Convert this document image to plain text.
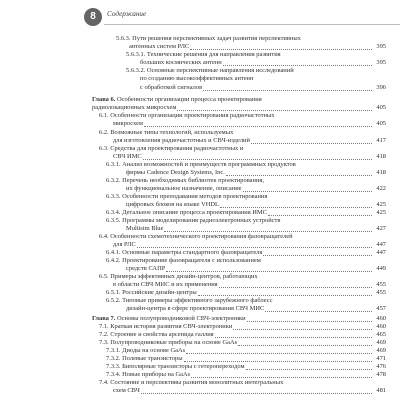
8	Содержание
5.6.3. Пути решения перспективных задач развития перспективных
антенных систем РЛС	395
5.6.3.1. Технические решения для направления развития
больших космических антенн	395
5.6.3.2. Основные перспективные направления исследований
по созданию высокоэффективных антенн
с обработкой сигналов	396
Глава 6. Особенности организации процесса проектирования
радиолокационных микросхем	405
6.1. Особенности организации проектирования радиочастотных
микросхем	405
6.2. Возможные типы технологий, используемых
для изготовления радиочастотных и СВЧ-изделий	417
6.3. Средства для проектирования радиочастотных и
СВЧ ИМС	418
6.3.1. Анализ возможностей и преимуществ программных продуктов
фирмы Cadence Design Systems, Inc.	418
6.3.2. Перечень необходимых библиотек проектирования,
их функциональное назначение, описание	422
6.3.3. Особенности преподавания методов проектирования
цифровых блоков на языке VHDL	425
6.3.4. Детальное описание процесса проектирования ИМС	425
6.3.5. Программы моделирования радиоэлектронных устройств
Multisim Blue	427
6.4. Особенности схемотехнического проектирования фазовращателей
для РЛС	447
6.4.1. Основные параметры стандартного фазовращателя	447
6.4.2. Проектирование фазовращателя с использованием
средств САПР	449
6.5. Примеры эффективных дизайн-центров, работающих
в области СВЧ МИС и их применения	455
6.5.1. Российские дизайн-центры	455
6.5.2. Типовые примеры эффективного зарубежного фаблесс
дизайн-центра в сфере проектирования СВЧ МИС	457
Глава 7. Основы полупроводниковой СВЧ-электроники	460
7.1. Краткая история развития СВЧ-электроники	460
7.2. Строение и свойства арсенида галлия	465
7.3. Полупроводниковые приборы на основе GaAs	469
7.3.1. Диоды на основе GaAs	469
7.3.2. Полевые транзисторы	471
7.3.3. Биполярные транзисторы с гетеропереходом	476
7.3.4. Новые приборы на GaAs	478
7.4. Состояние и перспективы развития монолитных интегральных
схем СВЧ	481
